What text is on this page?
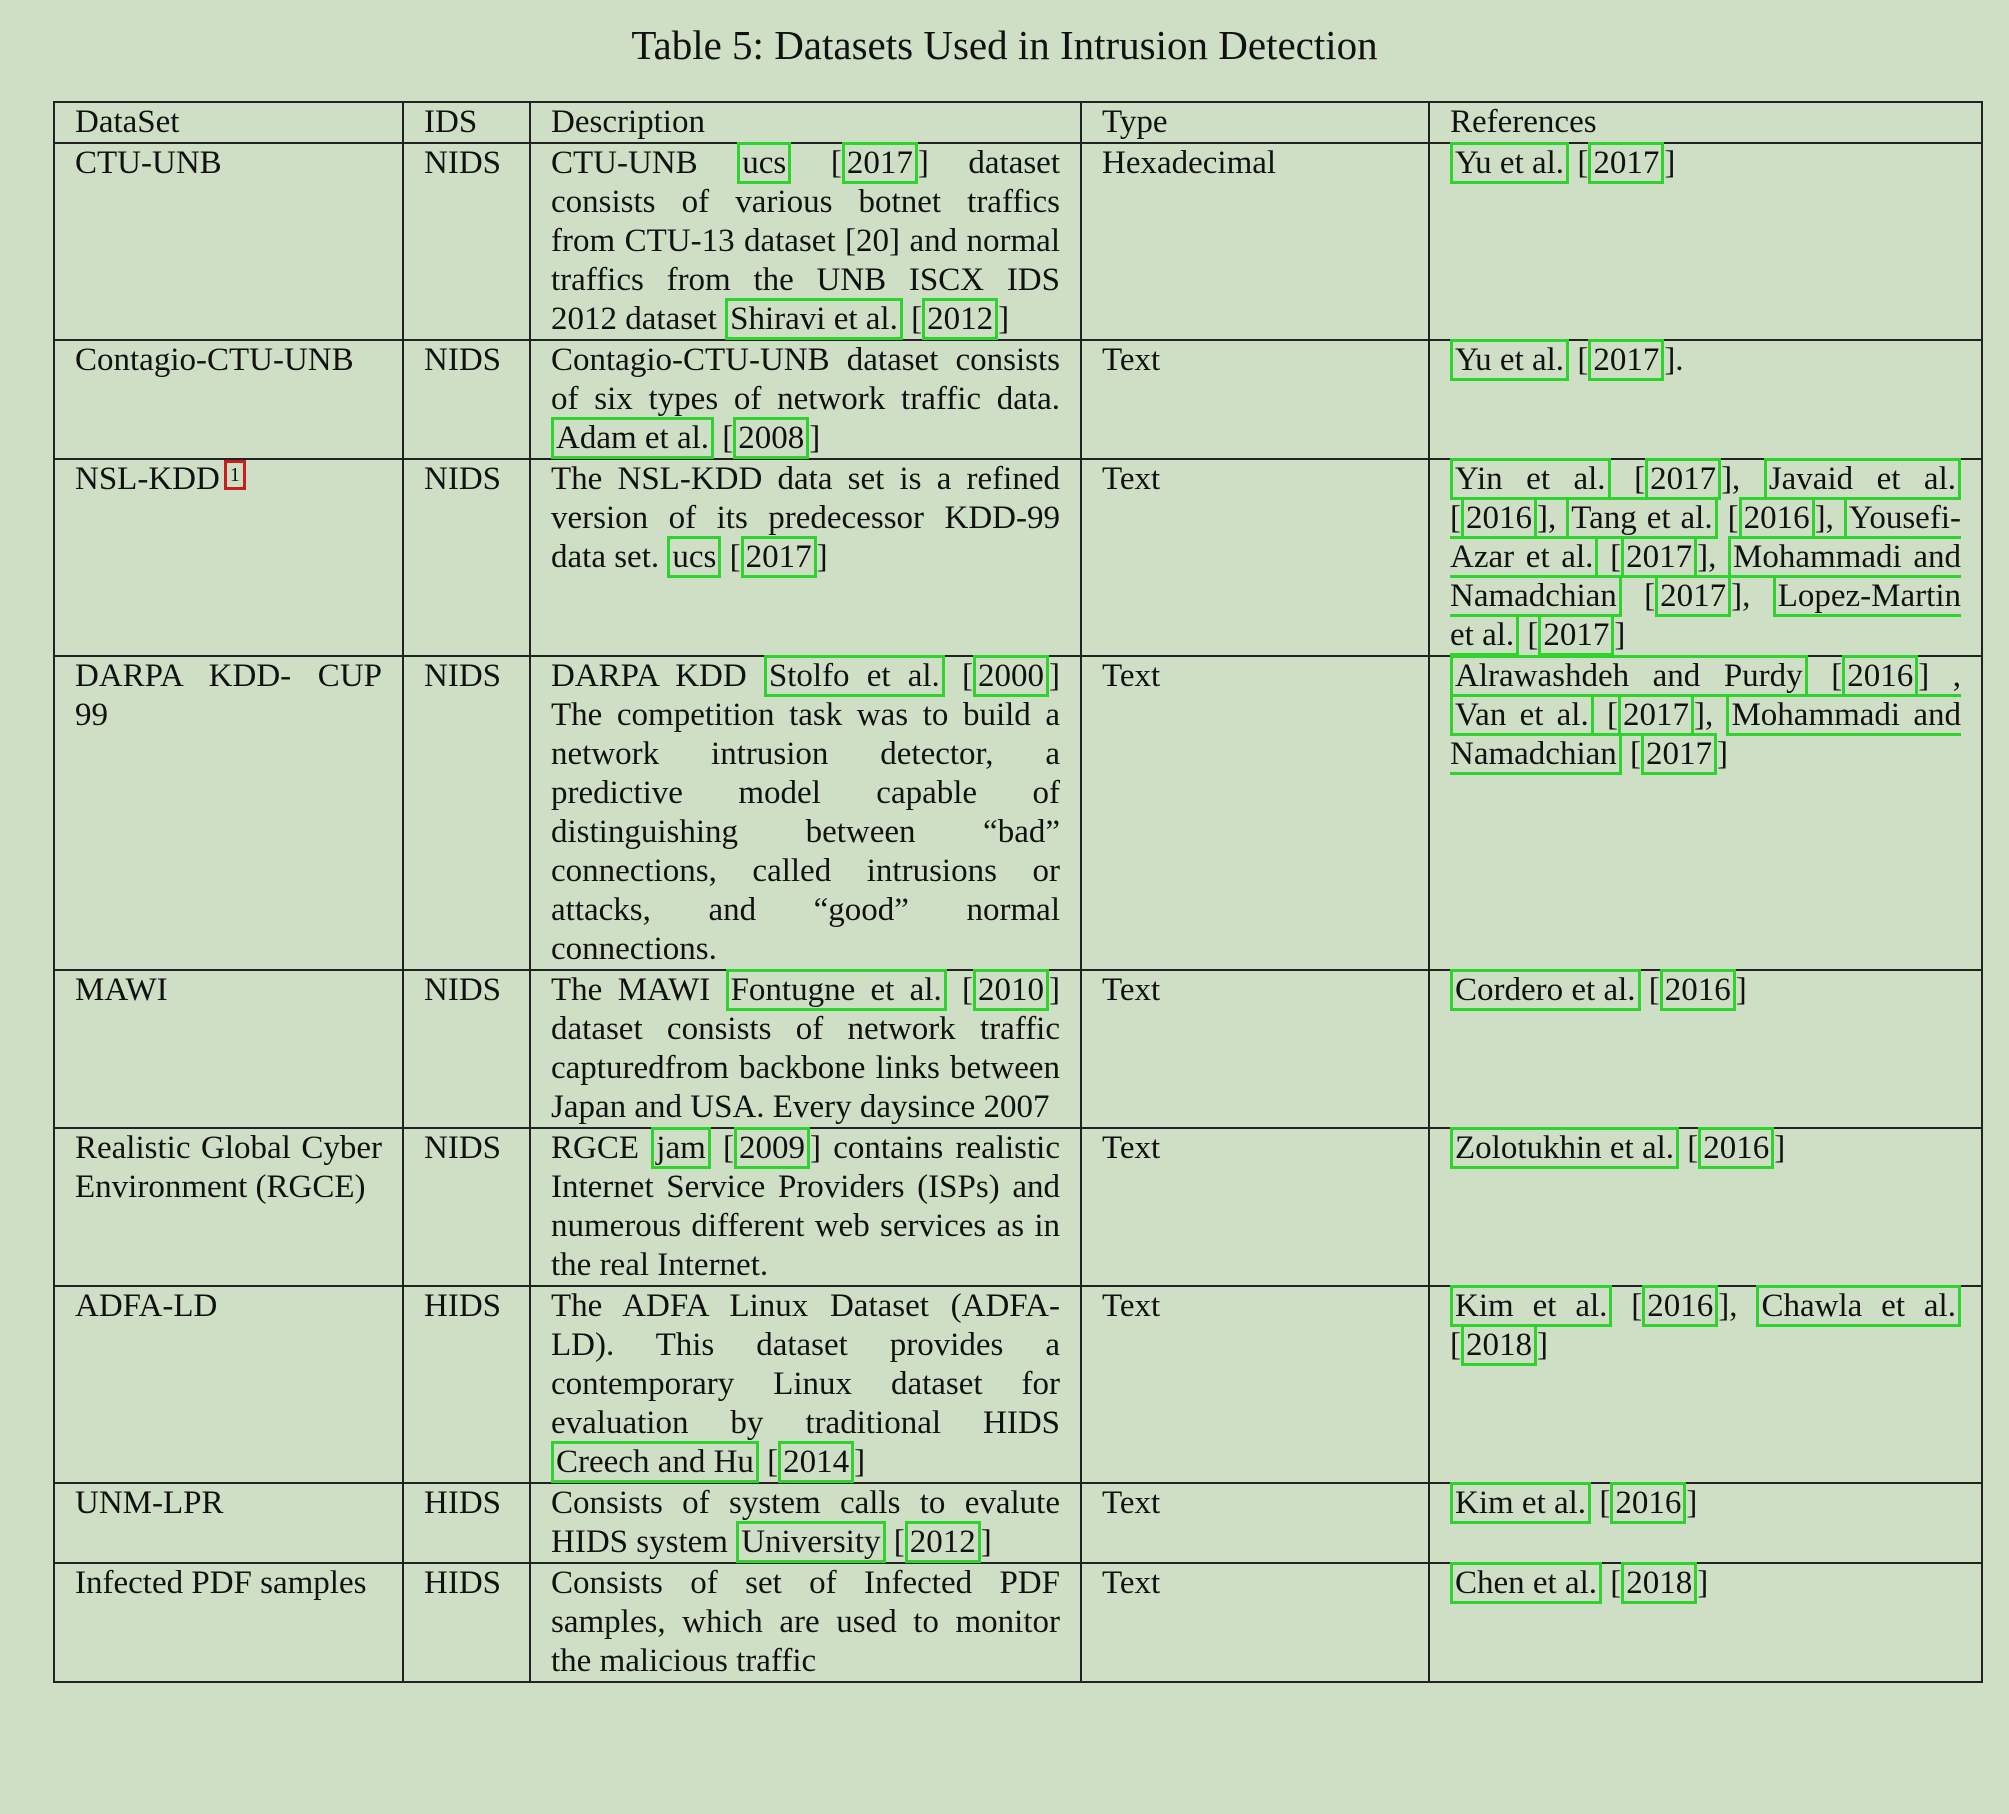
Table 5: Datasets Used in Intrusion Detection
DataSet	IDS	Description	Type	References
CTU-UNB	NIDS	CTU-UNB ucs [ 2017 ] dataset consists of various botnet traffics from CTU-13 dataset [20] and normal traffics from the UNB ISCX IDS 2012 dataset Shiravi et al. [ 2012 ]	Hexadecimal	Yu et al. [ 2017 ]
Contagio-CTU-UNB	NIDS	Contagio-CTU-UNB dataset consists of six types of network traffic data. Adam et al. [ 2008 ]	Text	Yu et al. [ 2017 ].
NSL-KDD 1	NIDS	The NSL-KDD data set is a refined version of its predecessor KDD-99 data set. ucs [ 2017 ]	Text	Yin et al. [ 2017 ], Javaid et al. [ 2016 ], Tang et al. [ 2016 ], Yousefi-Azar et al. [ 2017 ], Mohammadi and Namadchian [ 2017 ], Lopez-Martin et al. [ 2017 ]
DARPA KDD- CUP 99	NIDS	DARPA KDD Stolfo et al. [ 2000 ] The competition task was to build a network intrusion detector, a predictive model capable of distinguishing between “bad” connections, called intrusions or attacks, and “good” normal connections.	Text	Alrawashdeh and Purdy [ 2016 ] , Van et al. [ 2017 ], Mohammadi and Namadchian [ 2017 ]
MAWI	NIDS	The MAWI Fontugne et al. [ 2010 ] dataset consists of network traffic capturedfrom backbone links between Japan and USA. Every daysince 2007	Text	Cordero et al. [ 2016 ]
Realistic Global Cyber Environment (RGCE)	NIDS	RGCE jam [ 2009 ] contains realistic Internet Service Providers (ISPs) and numerous different web services as in the real Internet.	Text	Zolotukhin et al. [ 2016 ]
ADFA-LD	HIDS	The ADFA Linux Dataset (ADFA-LD). This dataset provides a contemporary Linux dataset for evaluation by traditional HIDS Creech and Hu [ 2014 ]	Text	Kim et al. [ 2016 ], Chawla et al. [ 2018 ]
UNM-LPR	HIDS	Consists of system calls to evalute HIDS system University [ 2012 ]	Text	Kim et al. [ 2016 ]
Infected PDF samples	HIDS	Consists of set of Infected PDF samples, which are used to monitor the malicious traffic	Text	Chen et al. [ 2018 ]
